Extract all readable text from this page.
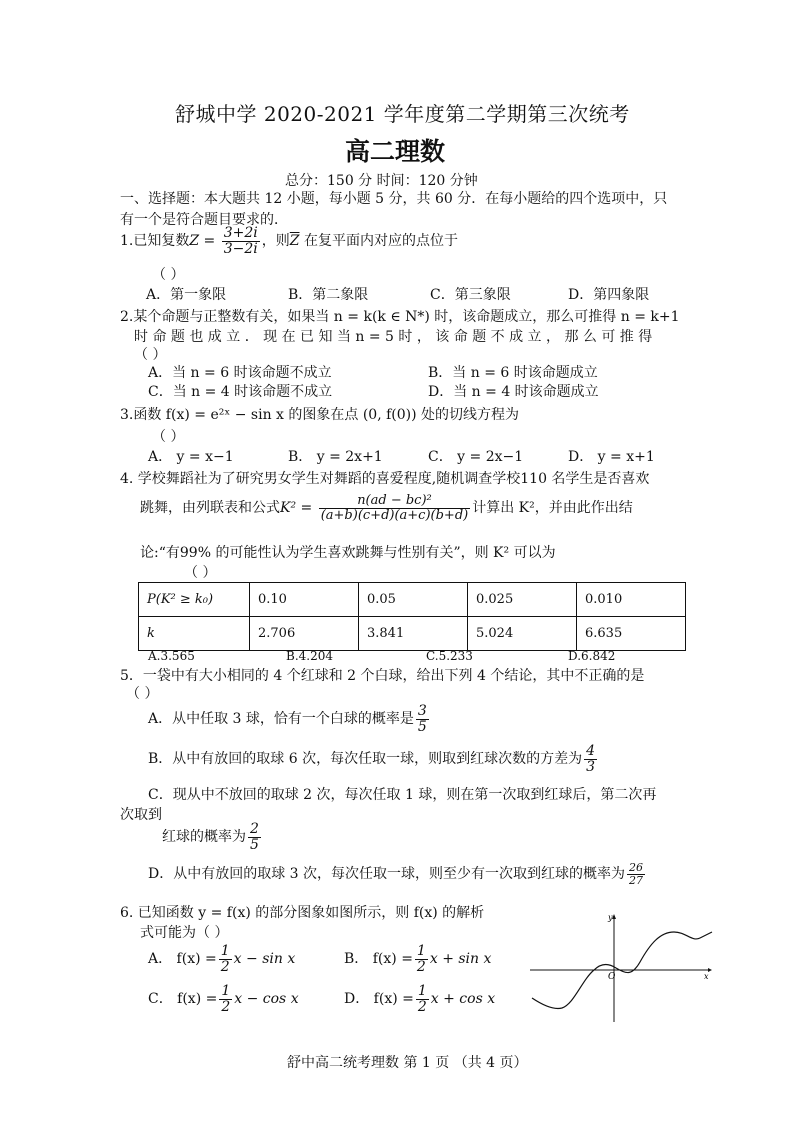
舒城中学 2020-2021 学年度第二学期第三次统考
高二理数
总分：150 分 时间：120 分钟
一、选择题：本大题共 12 小题，每小题 5 分，共 60 分．在每小题给的四个选项中，只
有一个是符合题目要求的．
1.已知复数$Z = \frac{3+2i}{3-2i}$ ，则$\overline{Z}$ 在复平面内对应的点位于
（ ）
A．第一象限	B．第二象限	C．第三象限	D．第四象限
2.某个命题与正整数有关，如果当 n = k(k ∈ N*) 时，该命题成立，那么可推得 n = k+1
时 命 题 也 成 立 ． 现 在 已 知 当 n = 5 时 ， 该 命 题 不 成 立 ， 那 么 可 推 得
（ ）
A．当 n = 6 时该命题不成立	B．当 n = 6 时该命题成立
C．当 n = 4 时该命题不成立	D．当 n = 4 时该命题成立
3.函数 f(x) = e²ˣ − sin x 的图象在点 (0, f(0)) 处的切线方程为
（ ）
A． y = x−1	B． y = 2x+1	C． y = 2x−1	D． y = x+1
4. 学校舞蹈社为了研究男女学生对舞蹈的喜爱程度,随机调查学校110 名学生是否喜欢
跳舞，由列联表和公式$K^2 = \frac{\text{n(ad − bc)²}}{(a+b)(c+d)(a+c)(b+d)}$ 计算出 K²，并由此作出结
论:“有99% 的可能性认为学生喜欢跳舞与性别有关”，则 K² 可以为
（ ）
P(K² ≥ k₀)	0.10	0.05	0.025	0.010
k	2.706	3.841	5.024	6.635
A.3.565	B.4.204	C.5.233	D.6.842
5．一袋中有大小相同的 4 个红球和 2 个白球，给出下列 4 个结论，其中不正确的是
（ ）
A．从中任取 3 球，恰有一个白球的概率是 $\frac{3}{5}$
B．从中有放回的取球 6 次，每次任取一球，则取到红球次数的方差为 $\frac{4}{3}$
C．现从中不放回的取球 2 次，每次任取 1 球，则在第一次取到红球后，第二次再
次取到
红球的概率为 $\frac{2}{5}$
D．从中有放回的取球 3 次，每次任取一球，则至少有一次取到红球的概率为 $\frac{26}{27}$
6. 已知函数 y = f(x) 的部分图象如图所示，则 f(x) 的解析
式可能为（ ）
A． $f(x) = \frac{1}{2}$ x − sin x	B． $f(x) = \frac{1}{2}$ x + sin x
C． $f(x) = \frac{1}{2}$ x − cos x	D． $f(x) = \frac{1}{2}$ x + cos x
y
x
O
舒中高二统考理数 第 1 页 （共 4 页）
